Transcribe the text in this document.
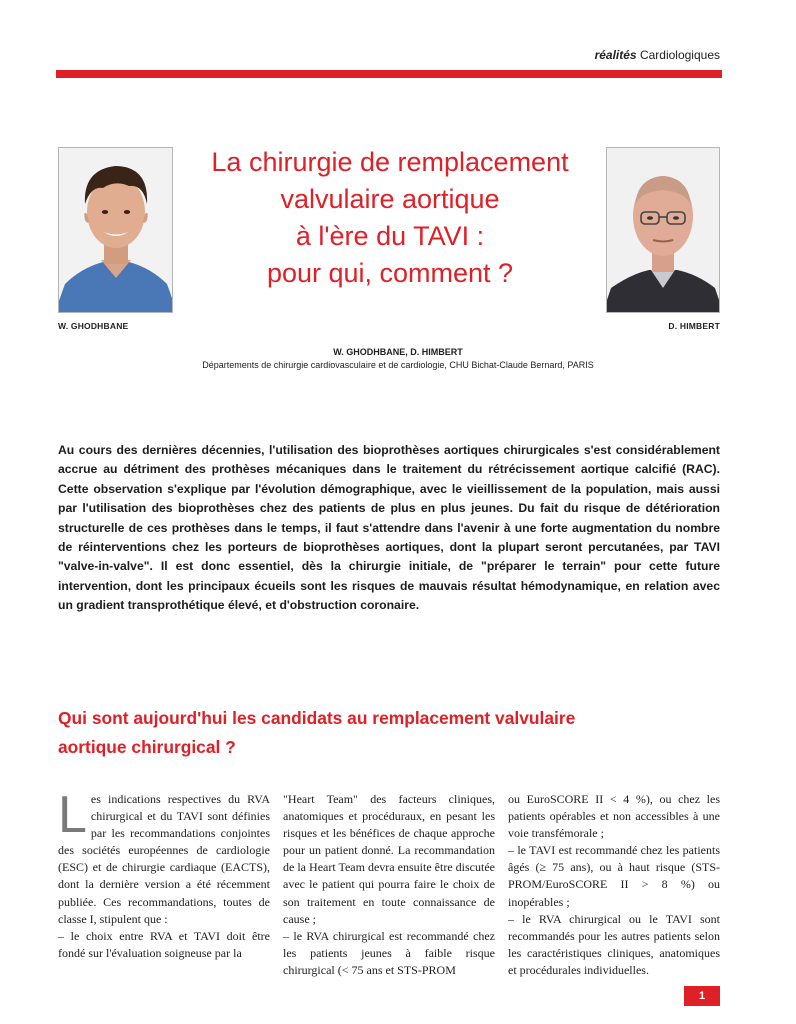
réalités Cardiologiques
La chirurgie de remplacement
valvulaire aortique
à l'ère du TAVI :
pour qui, comment ?
W. GHODHBANE	D. HIMBERT
W. GHODHBANE, D. HIMBERT
Départements de chirurgie cardiovasculaire et de cardiologie, CHU Bichat-Claude Bernard, PARIS

Au cours des dernières décennies, l'utilisation des bioprothèses aortiques chirurgicales s'est considérablement accrue au détriment des prothèses mécaniques dans le traitement du rétrécissement aortique calcifié (RAC). Cette observation s'explique par l'évolution démographique, avec le vieillissement de la population, mais aussi par l'utilisation des bioprothèses chez des patients de plus en plus jeunes. Du fait du risque de détérioration structurelle de ces prothèses dans le temps, il faut s'attendre dans l'avenir à une forte augmentation du nombre de réinterventions chez les porteurs de bioprothèses aortiques, dont la plupart seront percutanées, par TAVI "valve-in-valve". Il est donc essentiel, dès la chirurgie initiale, de "préparer le terrain" pour cette future intervention, dont les principaux écueils sont les risques de mauvais résultat hémodynamique, en relation avec un gradient transprothétique élevé, et d'obstruction coronaire.

Qui sont aujourd'hui les candidats au remplacement valvulaire
aortique chirurgical ?
L es indications respectives du RVA chirurgical et du TAVI sont définies par les recommandations conjointes des sociétés européennes de cardiologie (ESC) et de chirurgie cardiaque (EACTS), dont la dernière version a été récemment publiée. Ces recommandations, toutes de classe I, stipulent que :

– le choix entre RVA et TAVI doit être fondé sur l'évaluation soigneuse par la

"Heart Team" des facteurs cliniques, anatomiques et procéduraux, en pesant les risques et les bénéfices de chaque approche pour un patient donné. La recommandation de la Heart Team devra ensuite être discutée avec le patient qui pourra faire le choix de son traitement en toute connaissance de cause ;

– le RVA chirurgical est recommandé chez les patients jeunes à faible risque chirurgical (< 75 ans et STS-PROM

ou EuroSCORE II < 4 %), ou chez les patients opérables et non accessibles à une voie transfémorale ;

– le TAVI est recommandé chez les patients âgés (≥ 75 ans), ou à haut risque (STS-PROM/EuroSCORE II > 8 %) ou inopérables ;

– le RVA chirurgical ou le TAVI sont recommandés pour les autres patients selon les caractéristiques cliniques, anatomiques et procédurales individuelles.

1
